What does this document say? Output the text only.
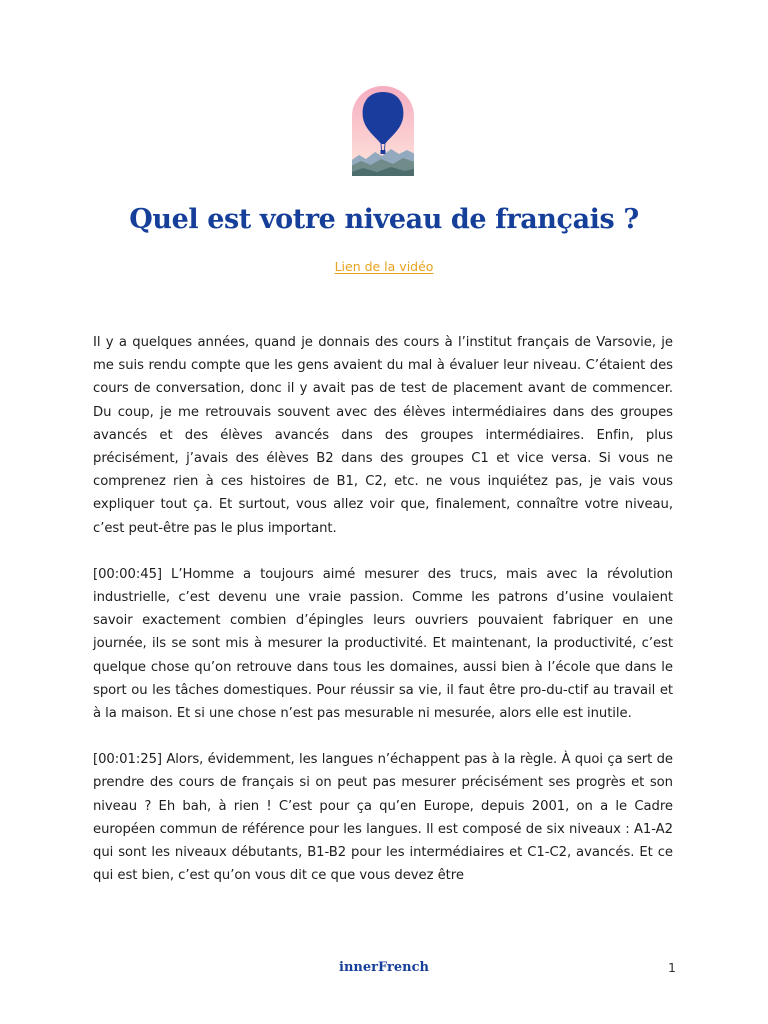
Quel est votre niveau de français ?
Lien de la vidéo

Il y a quelques années, quand je donnais des cours à l’institut français de Varsovie, je me suis rendu compte que les gens avaient du mal à évaluer leur niveau. C’étaient des cours de conversation, donc il y avait pas de test de placement avant de commencer. Du coup, je me retrouvais souvent avec des élèves intermédiaires dans des groupes avancés et des élèves avancés dans des groupes intermédiaires. Enfin, plus précisément, j’avais des élèves B2 dans des groupes C1 et vice versa. Si vous ne comprenez rien à ces histoires de B1, C2, etc. ne vous inquiétez pas, je vais vous expliquer tout ça. Et surtout, vous allez voir que, finalement, connaître votre niveau, c’est peut-être pas le plus important.

[00:00:45] L’Homme a toujours aimé mesurer des trucs, mais avec la révolution industrielle, c’est devenu une vraie passion. Comme les patrons d’usine voulaient savoir exactement combien d’épingles leurs ouvriers pouvaient fabriquer en une journée, ils se sont mis à mesurer la productivité. Et maintenant, la productivité, c’est quelque chose qu’on retrouve dans tous les domaines, aussi bien à l’école que dans le sport ou les tâches domestiques. Pour réussir sa vie, il faut être pro-du-ctif au travail et à la maison. Et si une chose n’est pas mesurable ni mesurée, alors elle est inutile.

[00:01:25] Alors, évidemment, les langues n’échappent pas à la règle. À quoi ça sert de prendre des cours de français si on peut pas mesurer précisément ses progrès et son niveau ? Eh bah, à rien ! C’est pour ça qu’en Europe, depuis 2001, on a le Cadre européen commun de référence pour les langues. Il est composé de six niveaux : A1-A2 qui sont les niveaux débutants, B1-B2 pour les intermédiaires et C1-C2, avancés. Et ce qui est bien, c’est qu’on vous dit ce que vous devez être

innerFrench	1
